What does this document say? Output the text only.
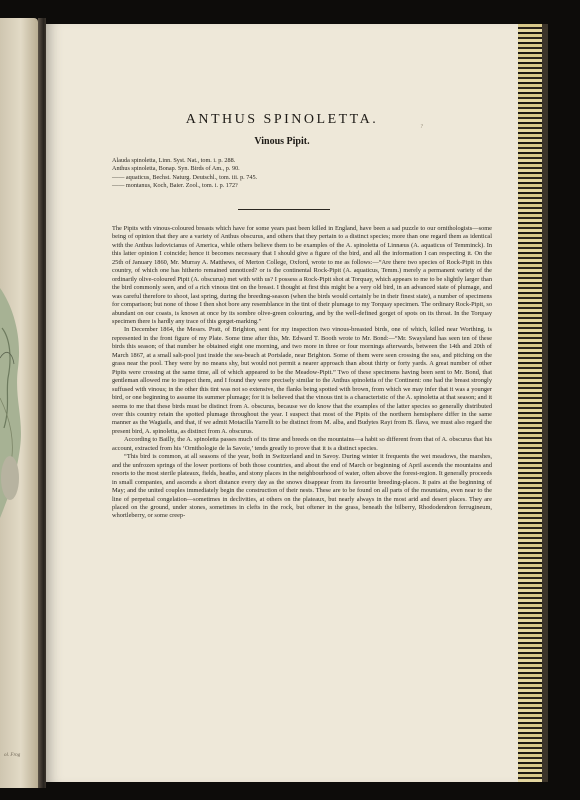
ol. Frog
ANTHUS SPINOLETTA.
Vinous Pipit.
?
Alauda spinoletta, Linn. Syst. Nat., tom. i. p. 288.
Anthus spinoletta, Bonap. Syn. Birds of Am., p. 90.
—— aquaticus, Bechst. Naturg. Deutschl., tom. iii. p. 745.
—— montanus, Koch, Baier. Zool., tom. i. p. 172?

The Pipits with vinous-coloured breasts which have for some years past been killed in England, have been a sad puzzle to our ornithologists—some being of opinion that they are a variety of Anthus obscurus, and others that they pertain to a distinct species; more than one regard them as identical with the Anthus ludovicianus of America, while others believe them to be examples of the A. spinoletta of Linnæus (A. aquaticus of Temminck). In this latter opinion I coincide; hence it becomes necessary that I should give a figure of the bird, and all the information I can respecting it. On the 25th of January 1860, Mr. Murray A. Matthews, of Merton College, Oxford, wrote to me as follows:—“Are there two species of Rock-Pipit in this country, of which one has hitherto remained unnoticed? or is the continental Rock-Pipit (A. aquaticus, Temm.) merely a permanent variety of the ordinarily olive-coloured Pipit (A. obscurus) met with with us? I possess a Rock-Pipit shot at Torquay, which appears to me to be slightly larger than the bird commonly seen, and of a rich vinous tint on the breast. I thought at first this might be a very old bird, in an advanced state of plumage, and was careful therefore to shoot, last spring, during the breeding-season (when the birds would certainly be in their finest state), a number of specimens for comparison; but none of those I then shot bore any resemblance in the tint of their plumage to my Torquay specimen. The ordinary Rock-Pipit, so abundant on our coasts, is known at once by its sombre olive-green colouring, and by the well-defined gorget of spots on its throat. In the Torquay specimen there is hardly any trace of this gorget-marking.”

In December 1864, the Messrs. Pratt, of Brighton, sent for my inspection two vinous-breasted birds, one of which, killed near Worthing, is represented in the front figure of my Plate. Some time after this, Mr. Edward T. Booth wrote to Mr. Bond:—“Mr. Swaysland has seen ten of these birds this season; of that number he obtained eight one morning, and two more in three or four mornings afterwards, between the 14th and 20th of March 1867, at a small salt-pool just inside the sea-beach at Portslade, near Brighton. Some of them were seen crossing the sea, and pitching on the grass near the pool. They were by no means shy, but would not permit a nearer approach than about thirty or forty yards. A great number of other Pipits were crossing at the same time, all of which appeared to be the Meadow-Pipit.” Two of these specimens having been sent to Mr. Bond, that gentleman allowed me to inspect them, and I found they were precisely similar to the Anthus spinoletta of the Continent: one had the breast strongly suffused with vinous; in the other this tint was not so extensive, the flanks being spotted with brown, from which we may infer that it was a younger bird, or one beginning to assume its summer plumage; for it is believed that the vinous tint is a characteristic of the A. spinoletta at that season; and it seems to me that these birds must be distinct from A. obscurus, because we do know that the examples of the latter species so generally distributed over this country retain the spotted plumage throughout the year. I suspect that most of the Pipits of the northern hemisphere differ in the same manner as the Wagtails, and that, if we admit Motacilla Yarrelli to be distinct from M. alba, and Budytes Rayi from B. flava, we must also regard the present bird, A. spinoletta, as distinct from A. obscurus.

According to Bailly, the A. spinoletta passes much of its time and breeds on the mountains—a habit so different from that of A. obscurus that his account, extracted from his ‘Ornithologie de la Savoie,’ tends greatly to prove that it is a distinct species.

“This bird is common, at all seasons of the year, both in Switzerland and in Savoy. During winter it frequents the wet meadows, the marshes, and the unfrozen springs of the lower portions of both those countries, and about the end of March or beginning of April ascends the mountains and resorts to the most sterile plateaux, fields, heaths, and stony places in the neighbourhood of water, often above the forest-region. It generally proceeds in small companies, and ascends a short distance every day as the snows disappear from its favourite breeding-places. It pairs at the beginning of May; and the united couples immediately begin the construction of their nests. These are to be found on all parts of the mountains, even near to the line of perpetual congelation—sometimes in declivities, at others on the plateaux, but nearly always in the most arid and desert places. They are placed on the ground, under stones, sometimes in clefts in the rock, but oftener in the grass, beneath the bilberry, Rhododendron ferrugineum, whortleberry, or some creep-
